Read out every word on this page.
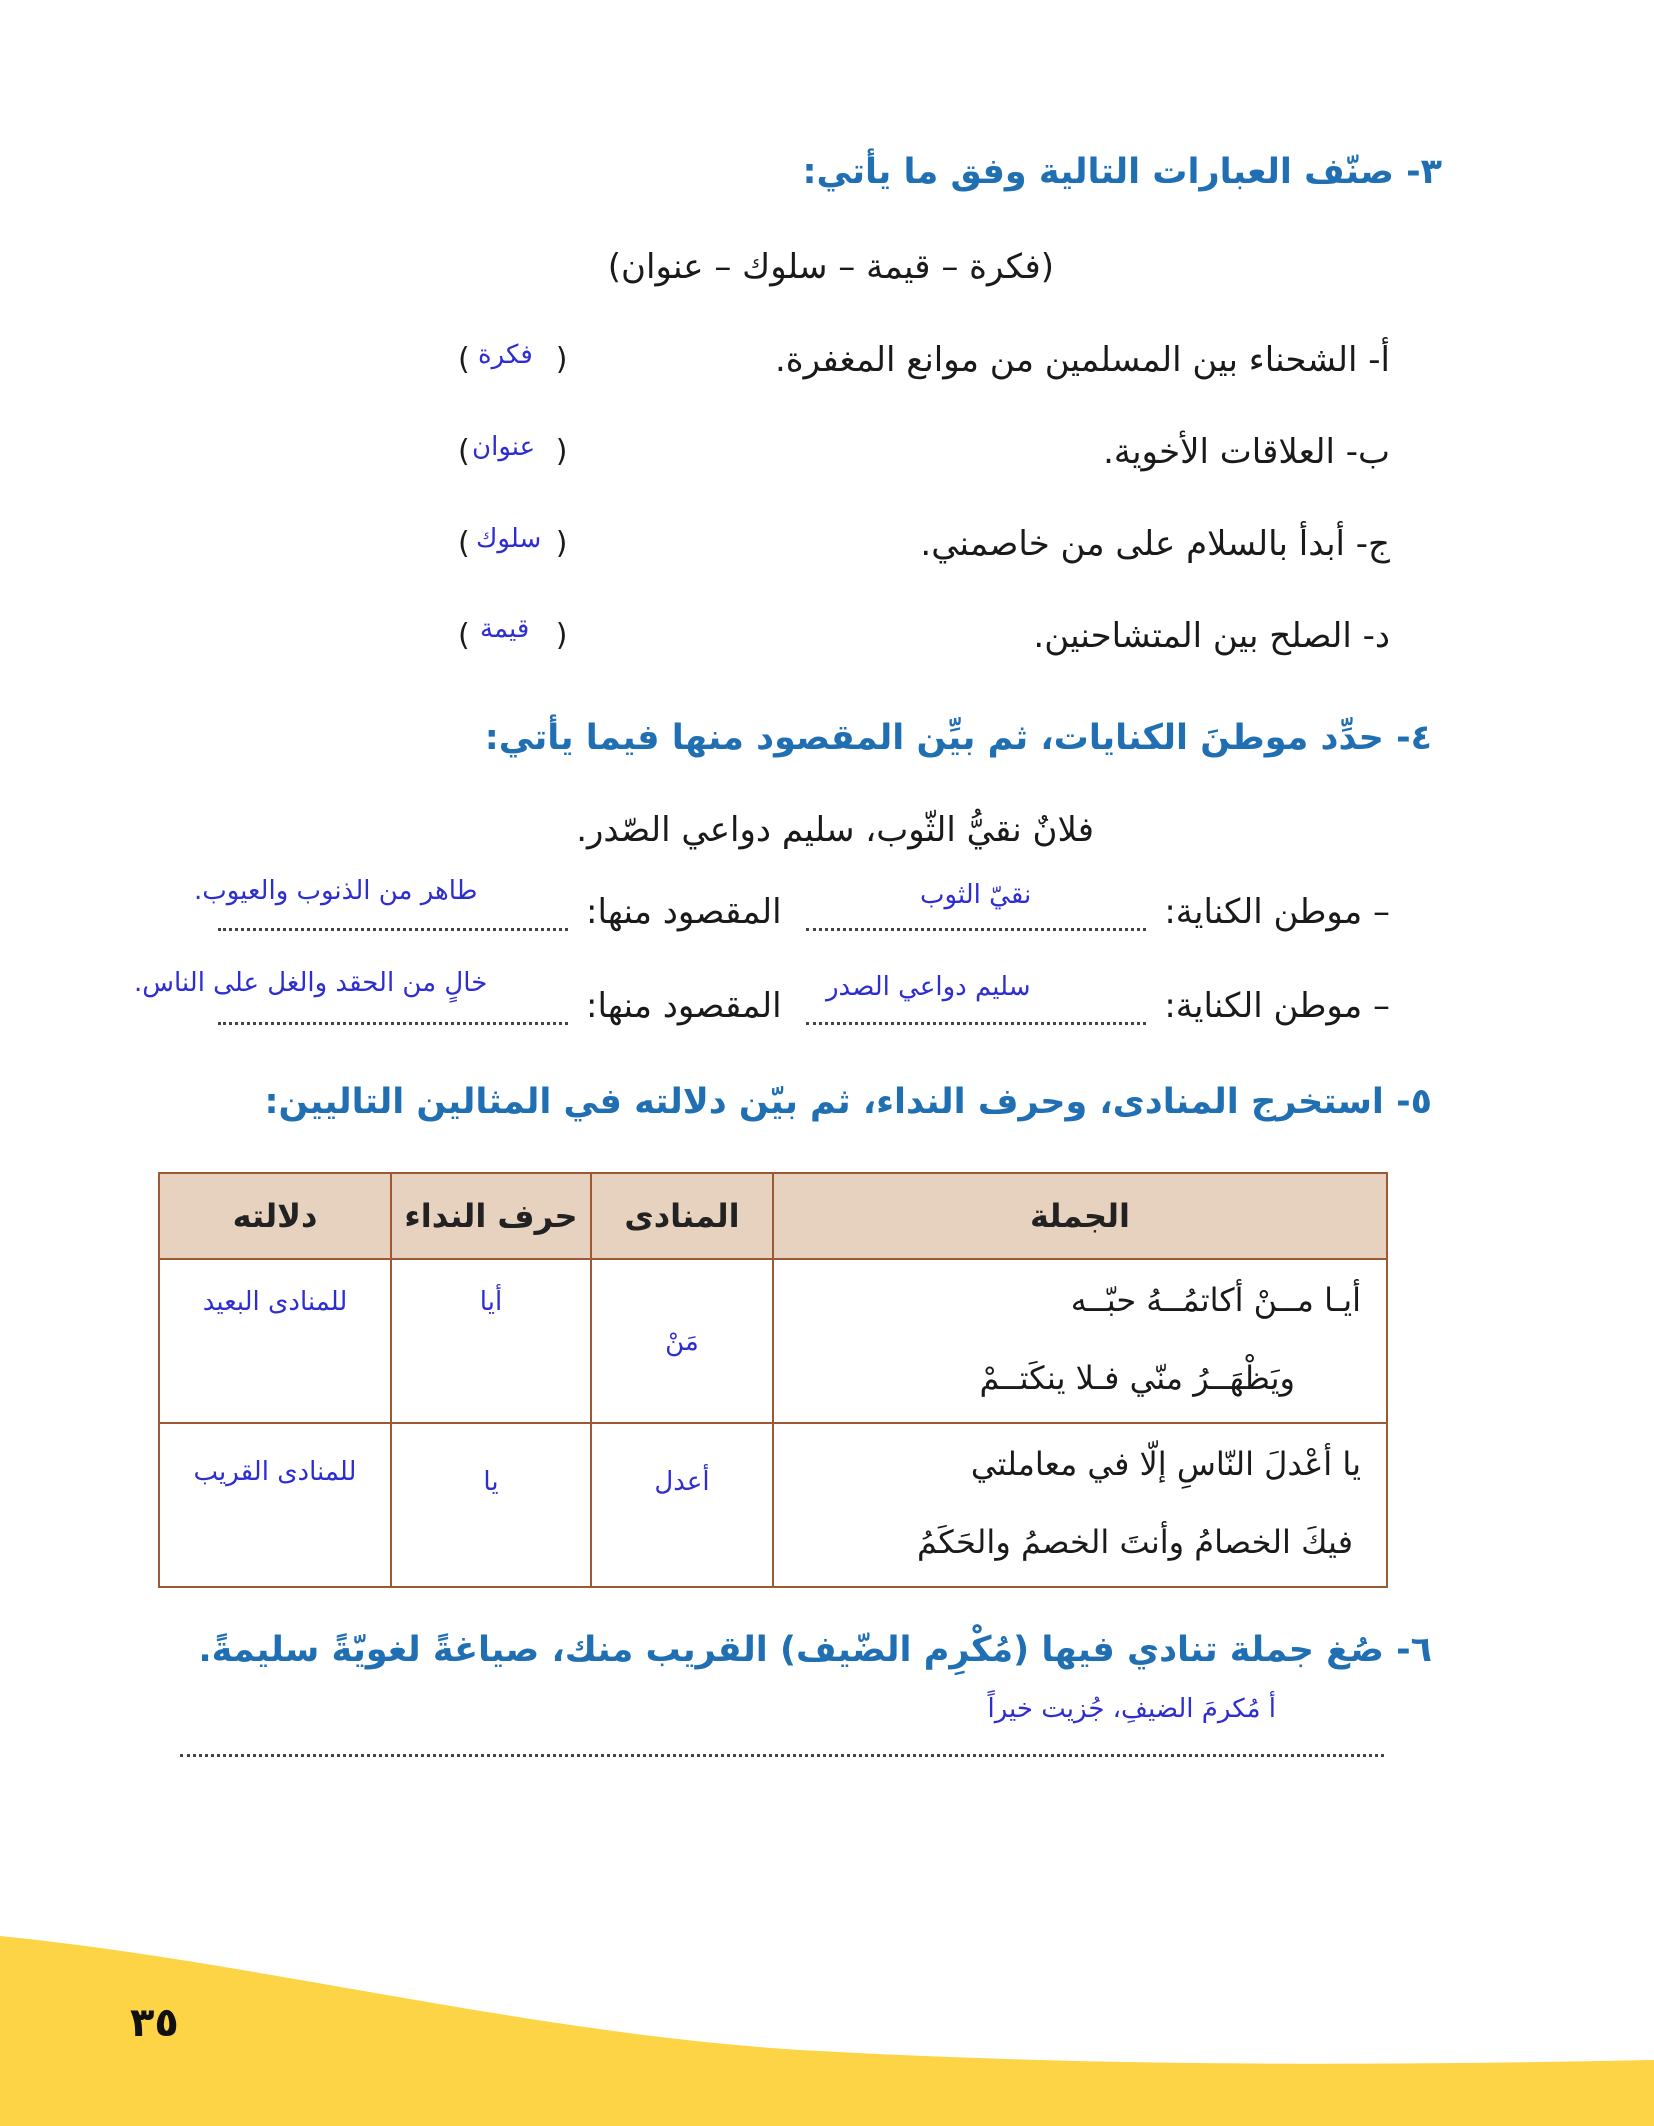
٣- صنّف العبارات التالية وفق ما يأتي:
(فكرة – قيمة – سلوك – عنوان)
أ- الشحناء بين المسلمين من موانع المغفرة.
(	)
فكرة
ب- العلاقات الأخوية.
(	)
عنوان
ج- أبدأ بالسلام على من خاصمني.
(	)
سلوك
د- الصلح بين المتشاحنين.
(	)
قيمة
٤- حدِّد موطنَ الكنايات، ثم بيِّن المقصود منها فيما يأتي:
فلانٌ نقيُّ الثّوب، سليم دواعي الصّدر.
– موطن الكناية:
نقيّ الثوب
المقصود منها:
طاهر من الذنوب والعيوب.
– موطن الكناية:
سليم دواعي الصدر
المقصود منها:
خالٍ من الحقد والغل على الناس.
٥- استخرج المنادى، وحرف النداء، ثم بيّن دلالته في المثالين التاليين:
الجملة	المنادى	حرف النداء	دلالته

أيـا مــنْ أكاتمُــهُ حبّــه
ويَظْهَــرُ منّي فـلا ينكَتــمْ	مَنْ	أيا	للمنادى البعيد

يا أعْدلَ النّاسِ إلّا في معاملتي
فيكَ الخصامُ وأنتَ الخصمُ والحَكَمُ	أعدل	يا	للمنادى القريب
٦- صُغ جملة تنادي فيها (مُكْرِم الضّيف) القريب منك، صياغةً لغويّةً سليمةً.
أ مُكرمَ الضيفِ، جُزيت خيراً
٣٥
